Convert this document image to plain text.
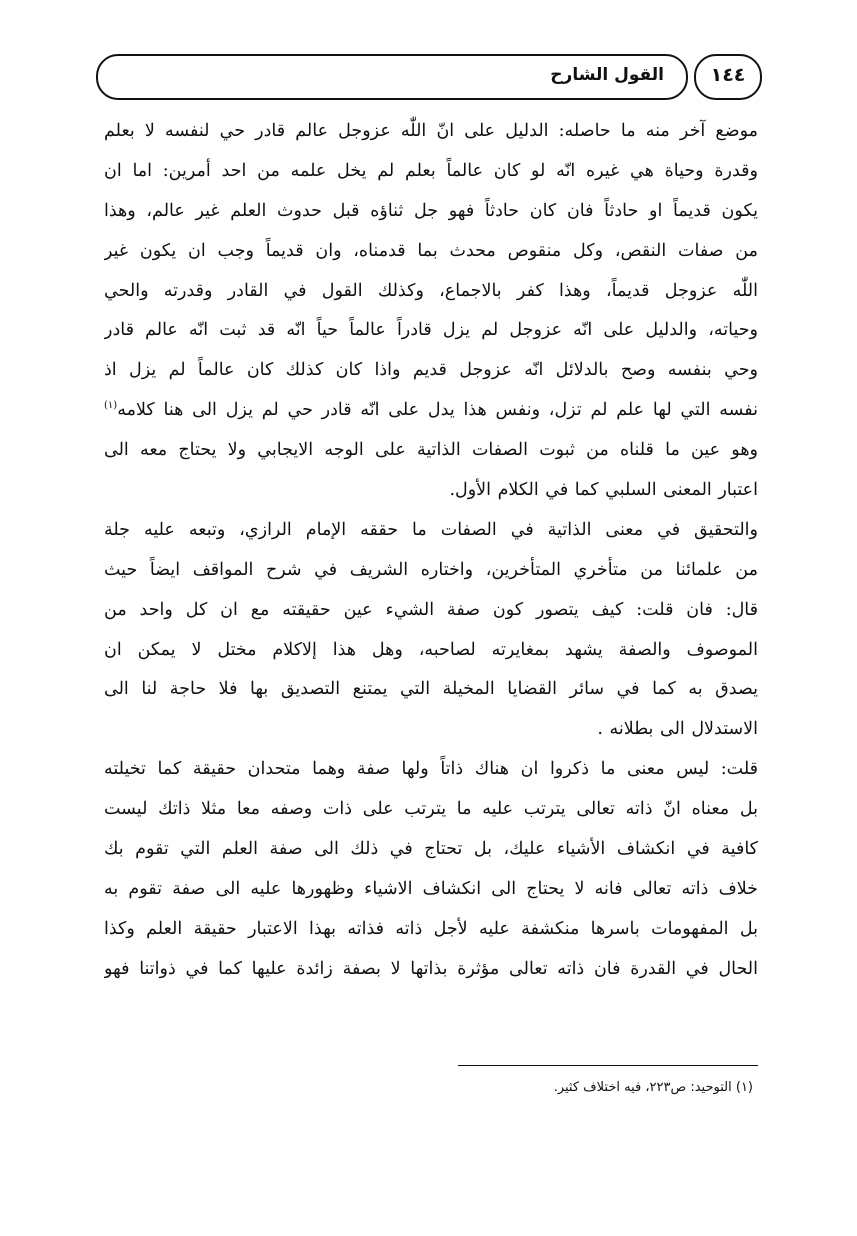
القول الشارح	١٤٤
موضع آخر منه ما حاصله: الدليل على انّ اللّٰه عزوجل عالم قادر حي لنفسه لا بعلم
وقدرة وحياة هي غيره انّه لو كان عالماً بعلم لم يخل علمه من احد أمرين: اما ان
يكون قديماً او حادثاً فان كان حادثاً فهو جل ثناؤه قبل حدوث العلم غير عالم، وهذا
من صفات النقص، وكل منقوص محدث بما قدمناه، وان قديماً وجب ان يكون غير
اللّٰه عزوجل قديماً، وهذا كفر بالاجماع، وكذلك القول في القادر وقدرته والحي
وحياته، والدليل على انّه عزوجل لم يزل قادراً عالماً حياً انّه قد ثبت انّه عالم قادر
وحي بنفسه وصح بالدلائل انّه عزوجل قديم واذا كان كذلك كان عالماً لم يزل اذ
نفسه التي لها علم لم تزل، ونفس هذا يدل على انّه قادر حي لم يزل الى هنا كلامه$^{(١)}$
وهو عين ما قلناه من ثبوت الصفات الذاتية على الوجه الايجابي ولا يحتاج معه الى
اعتبار المعنى السلبي كما في الكلام الأول.
والتحقيق في معنى الذاتية في الصفات ما حققه الإمام الرازي، وتبعه عليه جلة
من علمائنا من متأخري المتأخرين، واختاره الشريف في شرح المواقف ايضاً حيث
قال: فان قلت: كيف يتصور كون صفة الشيء عين حقيقته مع ان كل واحد من
الموصوف والصفة يشهد بمغايرته لصاحبه، وهل هذا إلاكلام مختل لا يمكن ان
يصدق به كما في سائر القضايا المخيلة التي يمتنع التصديق بها فلا حاجة لنا الى
الاستدلال الى بطلانه .
قلت: ليس معنى ما ذكروا ان هناك ذاتاً ولها صفة وهما متحدان حقيقة كما تخيلته
بل معناه انّ ذاته تعالى يترتب عليه ما يترتب على ذات وصفه معا مثلا ذاتك ليست
كافية في انكشاف الأشياء عليك، بل تحتاج في ذلك الى صفة العلم التي تقوم بك
خلاف ذاته تعالى فانه لا يحتاج الى انكشاف الاشياء وظهورها عليه الى صفة تقوم به
بل المفهومات باسرها منكشفة عليه لأجل ذاته فذاته بهذا الاعتبار حقيقة العلم وكذا
الحال في القدرة فان ذاته تعالى مؤثرة بذاتها لا بصفة زائدة عليها كما في ذواتنا فهو
(١) التوحيد: ص٢٢٣، فيه اختلاف كثير.
